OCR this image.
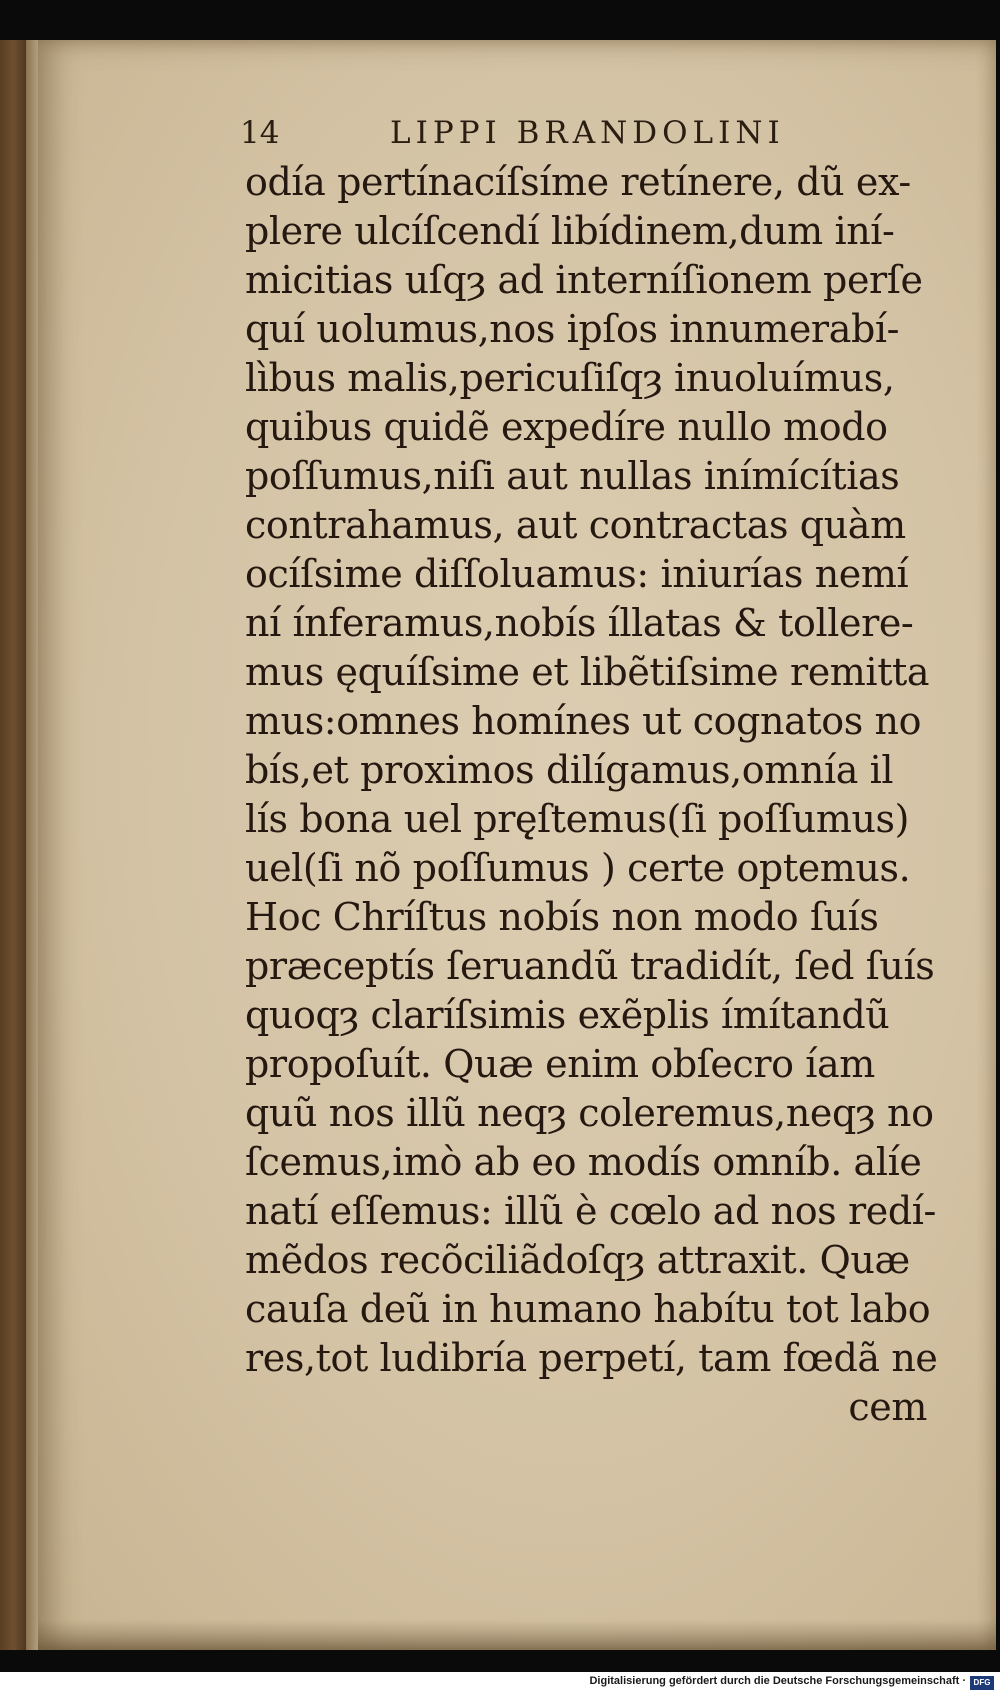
14	LIPPI BRANDOLINI
odía pertínacíſsíme retínere, dũ ex-
plere ulcíſcendí libídinem,dum iní-
micitias uſqȝ ad interníſionem perſe
quí uolumus,nos ipſos innumerabí-
lìbus malis,pericuſiſqȝ inuoluímus,
quibus quidẽ expedíre nullo modo
poſſumus,niſi aut nullas inímícítias
contrahamus, aut contractas quàm
ocíſsime diſſoluamus: iniurías nemí
ní ínferamus,nobís íllatas & tollere-
mus ęquíſsime et libẽtiſsime remitta
mus:omnes homínes ut cognatos no
bís,et proximos dilígamus,omnía il
lís bona uel prę̨ſtemus(ſi poſſumus)
uel(ſi nõ poſſumus ) certe optemus.
Hoc Chríſtus nobís non modo ſuís
præceptís ſeruandũ tradidít, ſed ſuís
quoqȝ claríſsimis exẽplis ímítandũ
propoſuít. Quæ enim obſecro íam
quũ nos illũ neqȝ coleremus,neqȝ no
ſcemus,imò ab eo modís omníb. alíe
natí eſſemus: illũ è cœlo ad nos redí-
mẽdos recõciliãdoſqȝ attraxit. Quæ
cauſa deũ in humano habítu tot labo
res,tot ludibría perpetí, tam fœdã ne
cem
Digitalisierung gefördert durch die Deutsche Forschungsgemeinschaft · DFG
